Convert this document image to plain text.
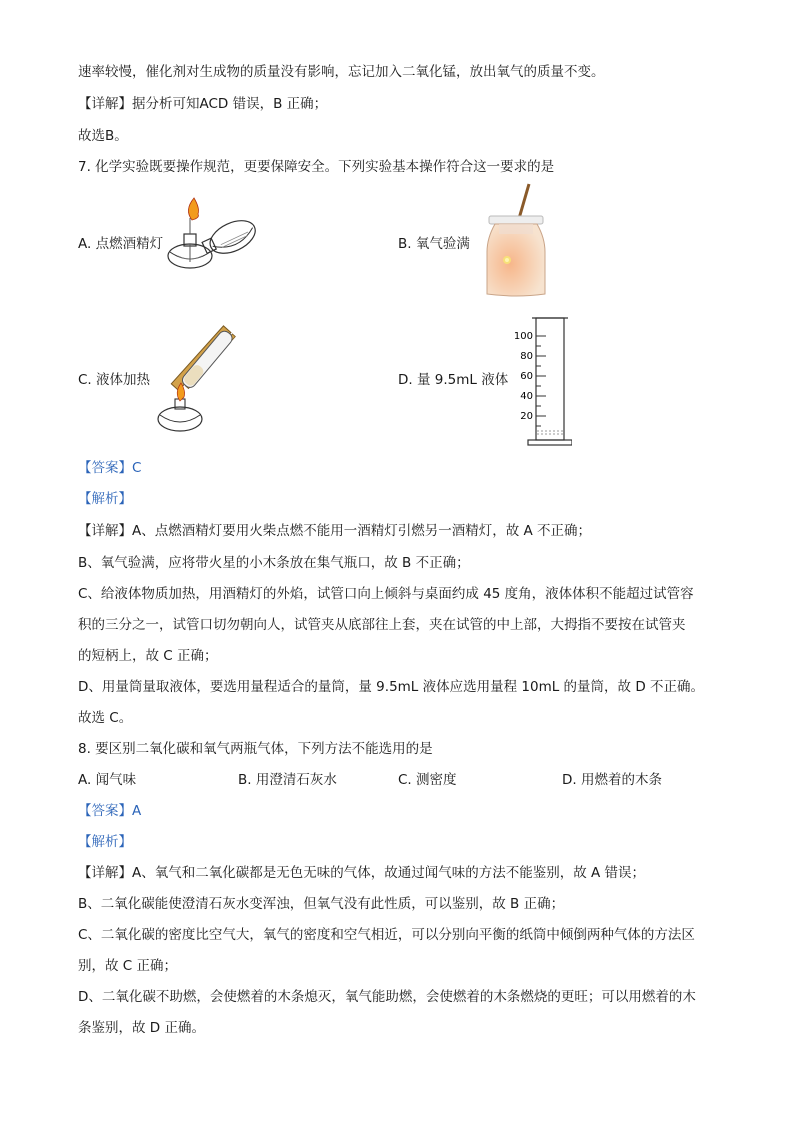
速率较慢，催化剂对生成物的质量没有影响，忘记加入二氧化锰，放出氧气的质量不变。
【详解】据分析可知ACD 错误，B 正确；
故选B。
7. 化学实验既要操作规范，更要保障安全。下列实验基本操作符合这一要求的是
A. 点燃酒精灯	B. 氧气验满
C. 液体加热	D. 量 9.5mL 液体
100
80
60
40
20
【答案】C
【解析】
【详解】A、点燃酒精灯要用火柴点燃不能用一酒精灯引燃另一酒精灯，故 A 不正确；
B、氧气验满，应将带火星的小木条放在集气瓶口，故 B 不正确；
C、给液体物质加热，用酒精灯的外焰，试管口向上倾斜与桌面约成 45 度角，液体体积不能超过试管容
积的三分之一，试管口切勿朝向人，试管夹从底部往上套，夹在试管的中上部，大拇指不要按在试管夹
的短柄上，故 C 正确；
D、用量筒量取液体，要选用量程适合的量筒，量 9.5mL 液体应选用量程 10mL 的量筒，故 D 不正确。
故选 C。
8. 要区别二氧化碳和氧气两瓶气体，下列方法不能选用的是
A. 闻气味	B. 用澄清石灰水	C. 测密度	D. 用燃着的木条
【答案】A
【解析】
【详解】A、氧气和二氧化碳都是无色无味的气体，故通过闻气味的方法不能鉴别，故 A 错误；
B、二氧化碳能使澄清石灰水变浑浊，但氧气没有此性质，可以鉴别，故 B 正确；
C、二氧化碳的密度比空气大，氧气的密度和空气相近，可以分别向平衡的纸筒中倾倒两种气体的方法区
别，故 C 正确；
D、二氧化碳不助燃，会使燃着的木条熄灭，氧气能助燃，会使燃着的木条燃烧的更旺；可以用燃着的木
条鉴别，故 D 正确。
